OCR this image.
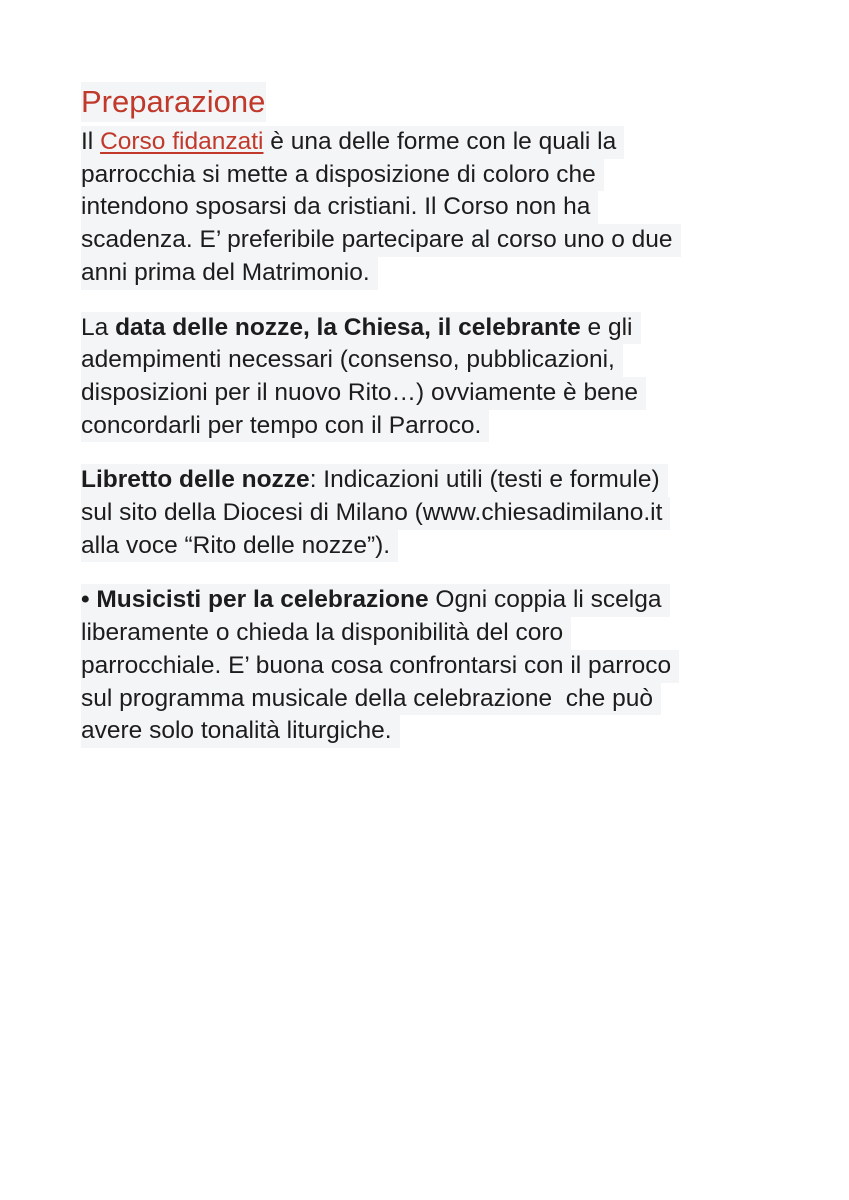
Preparazione
Il Corso fidanzati è una delle forme con le quali la
parrocchia si mette a disposizione di coloro che
intendono sposarsi da cristiani. Il Corso non ha
scadenza. E’ preferibile partecipare al corso uno o due
anni prima del Matrimonio.
La data delle nozze, la Chiesa, il celebrante e gli
adempimenti necessari (consenso, pubblicazioni,
disposizioni per il nuovo Rito…) ovviamente è bene
concordarli per tempo con il Parroco.
Libretto delle nozze: Indicazioni utili (testi e formule)
sul sito della Diocesi di Milano (www.chiesadimilano.it
alla voce “Rito delle nozze”).
• Musicisti per la celebrazione Ogni coppia li scelga
liberamente o chieda la disponibilità del coro
parrocchiale. E’ buona cosa confrontarsi con il parroco
sul programma musicale della celebrazione  che può
avere solo tonalità liturgiche.
